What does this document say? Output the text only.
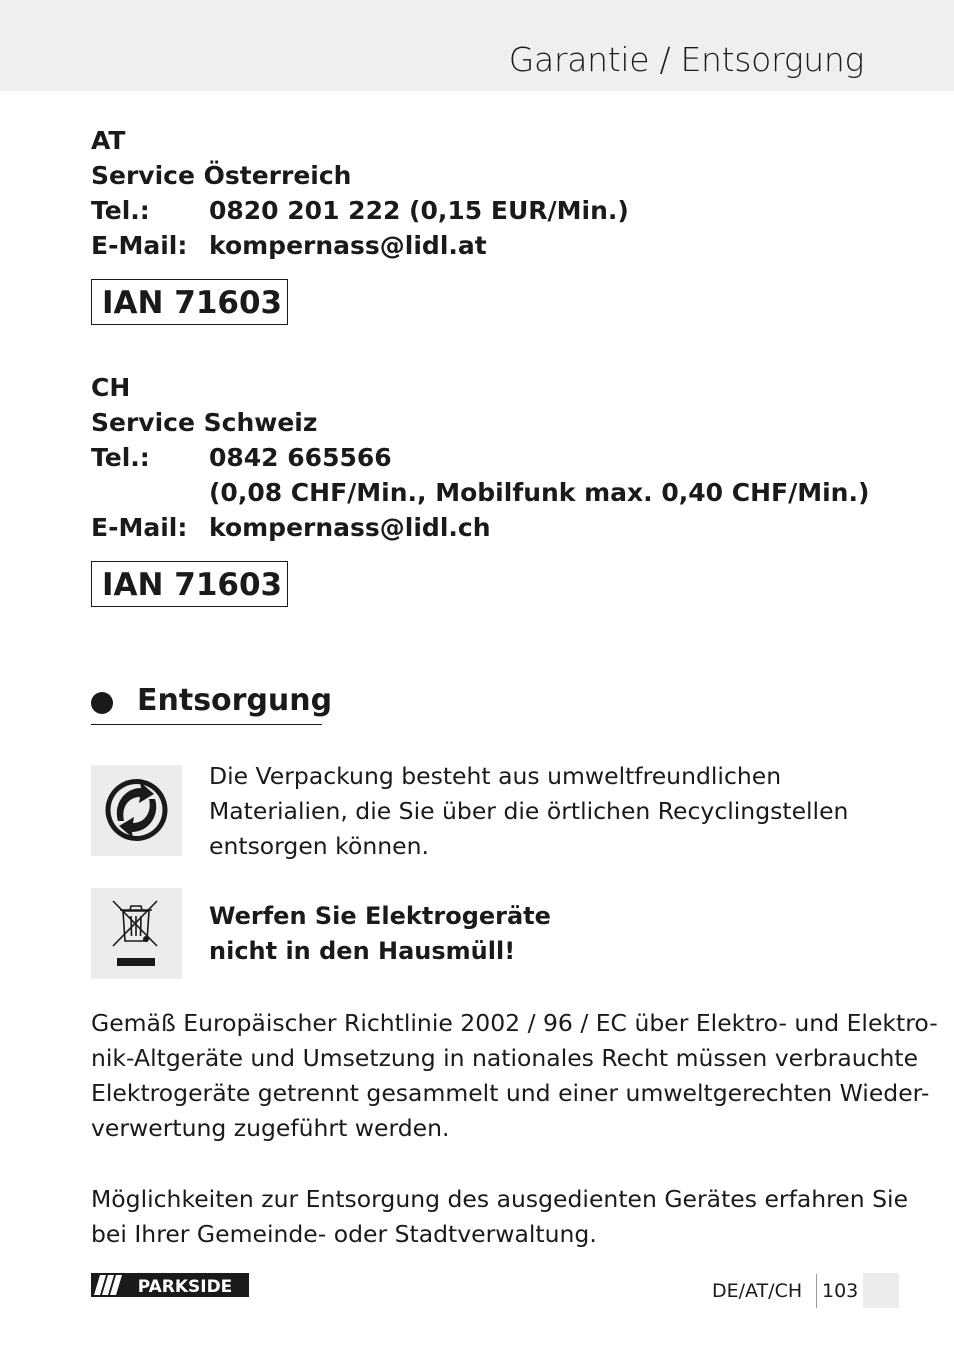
Garantie / Entsorgung
AT
Service Österreich
Tel.:	0820 201 222 (0,15 EUR/Min.)
E-Mail: kompernass@lidl.at
IAN 71603
CH
Service Schweiz
Tel.:	0842 665566
(0,08 CHF/Min., Mobilfunk max. 0,40 CHF/Min.)
E-Mail: kompernass@lidl.ch
IAN 71603
Entsorgung
Die Verpackung besteht aus umweltfreundlichen
Materialien, die Sie über die örtlichen Recyclingstellen
entsorgen können.
Werfen Sie Elektrogeräte
nicht in den Hausmüll!
Gemäß Europäischer Richtlinie 2002 / 96 / EC über Elektro- und Elektro-
nik-Altgeräte und Umsetzung in nationales Recht müssen verbrauchte
Elektrogeräte getrennt gesammelt und einer umweltgerechten Wieder-
verwertung zugeführt werden.
Möglichkeiten zur Entsorgung des ausgedienten Gerätes erfahren Sie
bei Ihrer Gemeinde- oder Stadtverwaltung.
PARKSIDE	DE/AT/CH 103
